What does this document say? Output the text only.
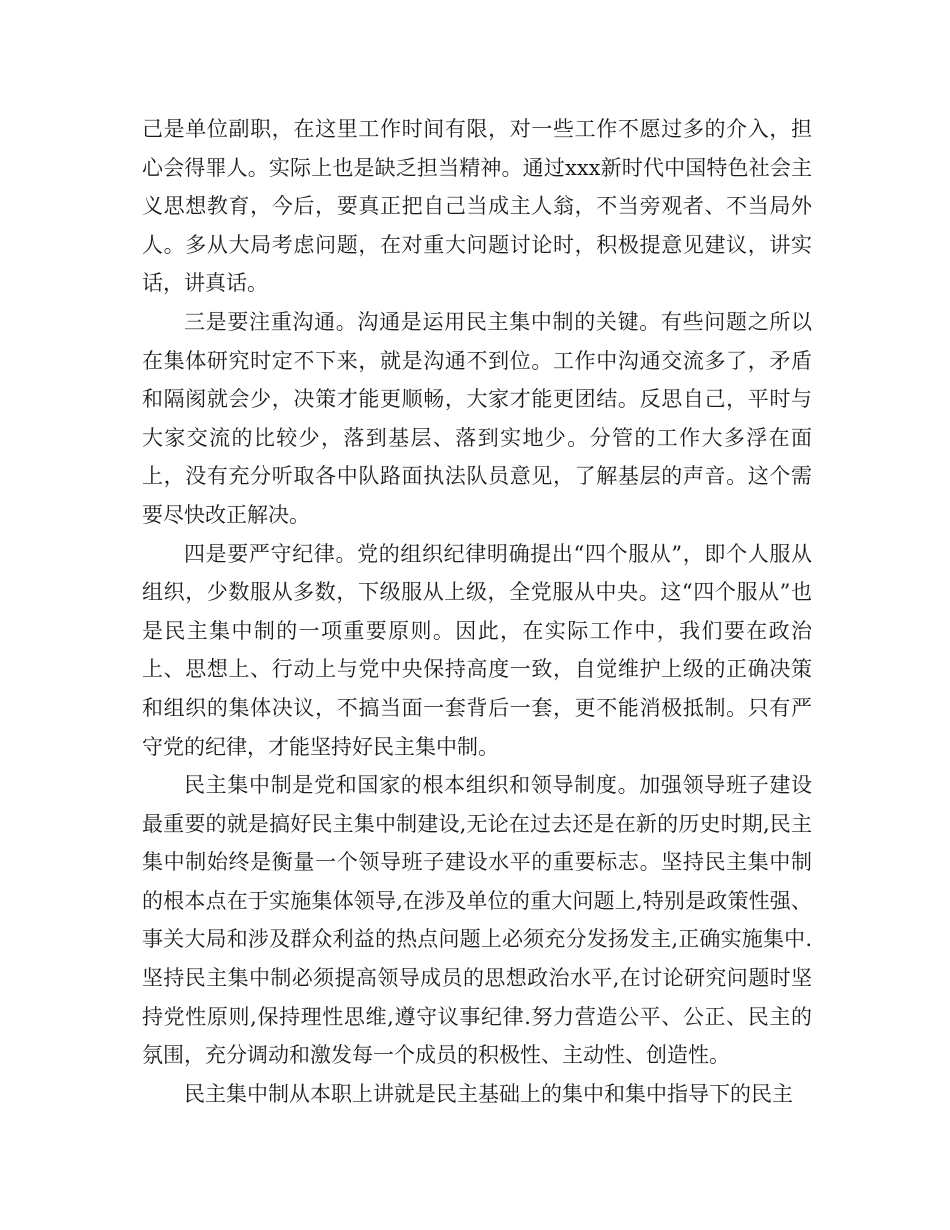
己是单位副职，在这里工作时间有限，对一些工作不愿过多的介入，担心会得罪人。实际上也是缺乏担当精神。通过xxx新时代中国特色社会主义思想教育，今后，要真正把自己当成主人翁，不当旁观者、不当局外人。多从大局考虑问题，在对重大问题讨论时，积极提意见建议，讲实话，讲真话。

三是要注重沟通。沟通是运用民主集中制的关键。有些问题之所以在集体研究时定不下来，就是沟通不到位。工作中沟通交流多了，矛盾和隔阂就会少，决策才能更顺畅，大家才能更团结。反思自己，平时与大家交流的比较少，落到基层、落到实地少。分管的工作大多浮在面上，没有充分听取各中队路面执法队员意见，了解基层的声音。这个需要尽快改正解决。

四是要严守纪律。党的组织纪律明确提出“四个服从”，即个人服从组织，少数服从多数，下级服从上级，全党服从中央。这“四个服从”也是民主集中制的一项重要原则。因此，在实际工作中，我们要在政治上、思想上、行动上与党中央保持高度一致，自觉维护上级的正确决策和组织的集体决议，不搞当面一套背后一套，更不能消极抵制。只有严守党的纪律，才能坚持好民主集中制。

民主集中制是党和国家的根本组织和领导制度。加强领导班子建设最重要的就是搞好民主集中制建设,无论在过去还是在新的历史时期,民主集中制始终是衡量一个领导班子建设水平的重要标志。坚持民主集中制的根本点在于实施集体领导,在涉及单位的重大问题上,特别是政策性强、事关大局和涉及群众利益的热点问题上必须充分发扬发主,正确实施集中.坚持民主集中制必须提高领导成员的思想政治水平,在讨论研究问题时坚持党性原则,保持理性思维,遵守议事纪律.努力营造公平、公正、民主的氛围，充分调动和激发每一个成员的积极性、主动性、创造性。

民主集中制从本职上讲就是民主基础上的集中和集中指导下的民主
